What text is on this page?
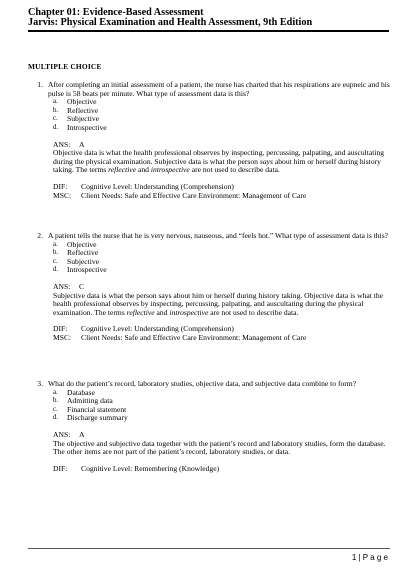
Chapter 01: Evidence-Based Assessment
Jarvis: Physical Examination and Health Assessment, 9th Edition
MULTIPLE CHOICE
1. After completing an initial assessment of a patient, the nurse has charted that his respirations are eupneic and his pulse is 58 beats per minute. What type of assessment data is this?
a.	Objective
b.	Reflective
c.	Subjective
d.	Introspective
ANS: A
Objective data is what the health professional observes by inspecting, percussing, palpating, and auscultating during the physical examination. Subjective data is what the person says about him or herself during history taking. The terms reflective and introspective are not used to describe data.
DIF:	Cognitive Level: Understanding (Comprehension)
MSC:	Client Needs: Safe and Effective Care Environment: Management of Care
2. A patient tells the nurse that he is very nervous, nauseous, and “feels hot.” What type of assessment data is this?
a.	Objective
b.	Reflective
c.	Subjective
d.	Introspective
ANS: C
Subjective data is what the person says about him or herself during history taking. Objective data is what the health professional observes by inspecting, percussing, palpating, and auscultating during the physical examination. The terms reflective and introspective are not used to describe data.
DIF:	Cognitive Level: Understanding (Comprehension)
MSC:	Client Needs: Safe and Effective Care Environment: Management of Care
3. What do the patient’s record, laboratory studies, objective data, and subjective data combine to form?
a.	Database
b.	Admitting data
c.	Financial statement
d.	Discharge summary
ANS: A
The objective and subjective data together with the patient’s record and laboratory studies, form the database. The other items are not part of the patient’s record, laboratory studies, or data.
DIF:	Cognitive Level: Remembering (Knowledge)
1 | P a g e
